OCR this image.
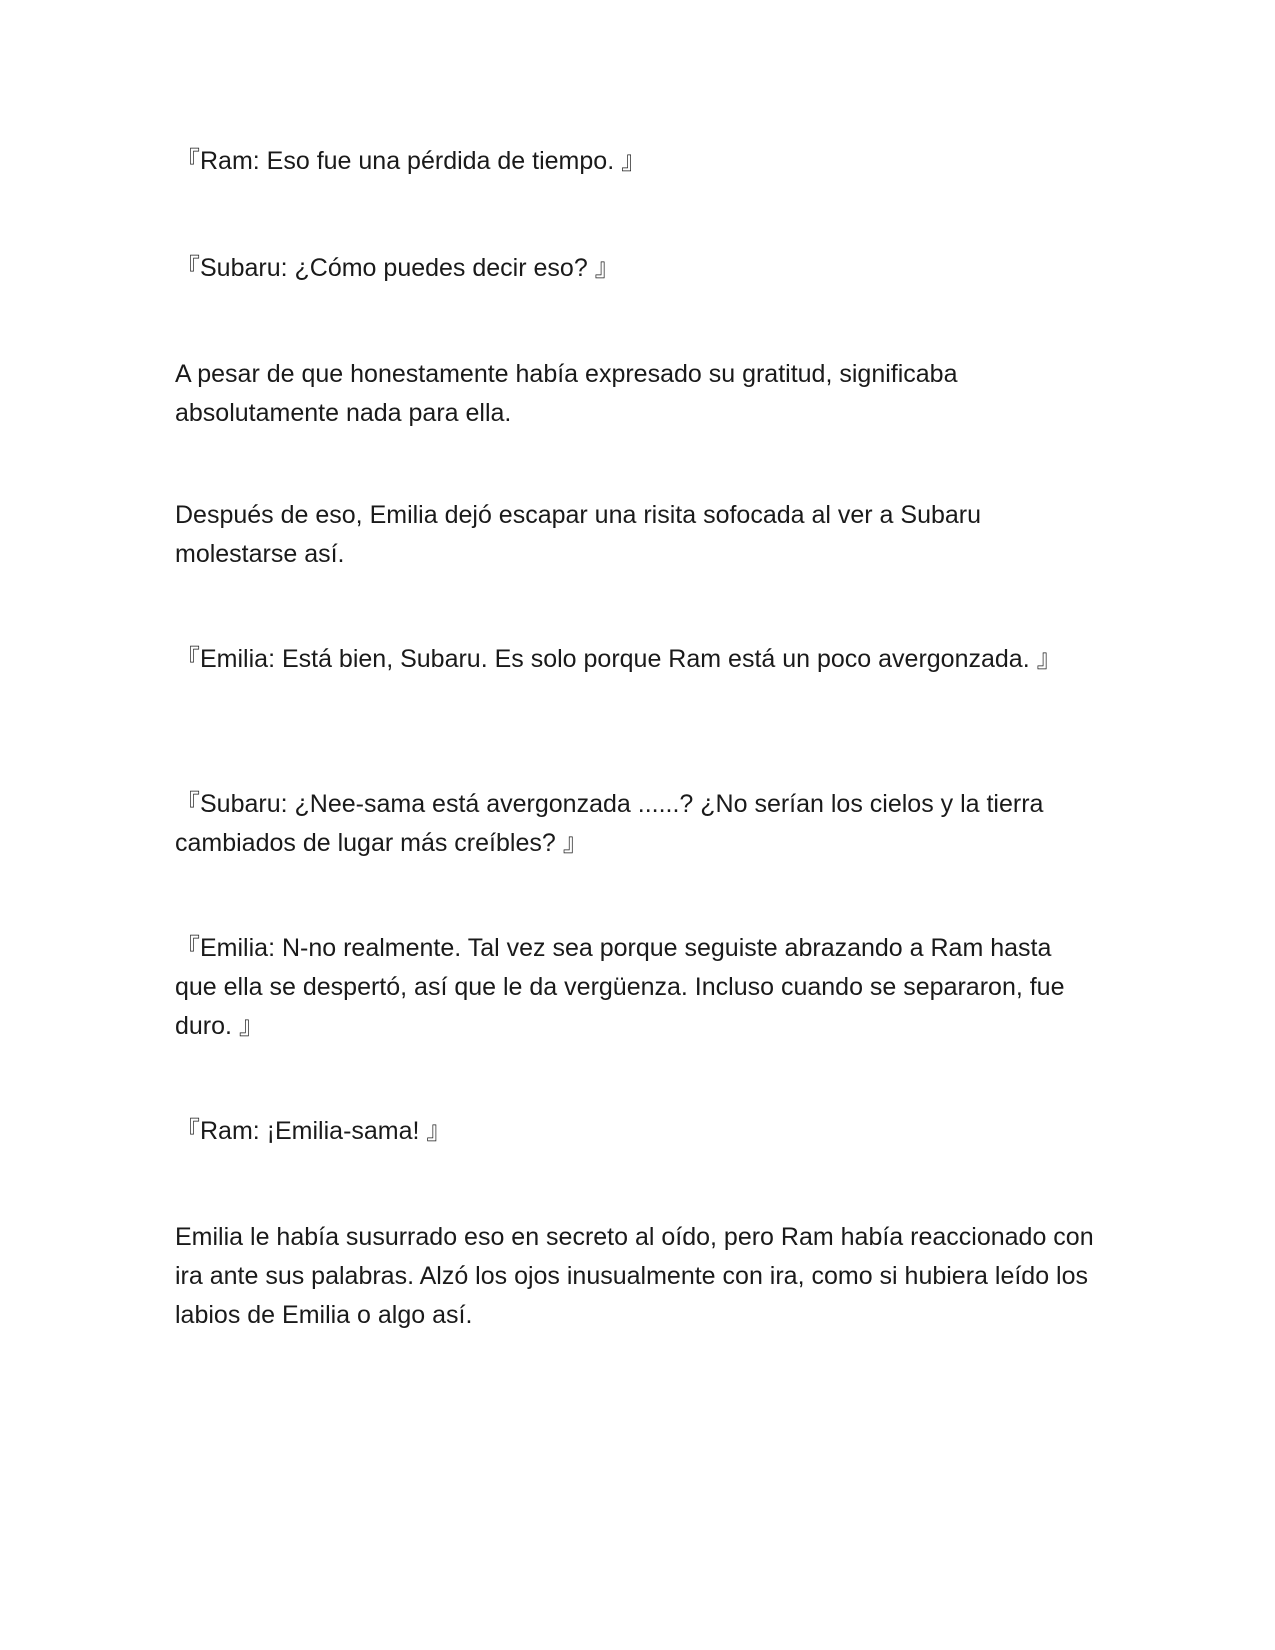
『Ram: Eso fue una pérdida de tiempo. 』

『Subaru: ¿Cómo puedes decir eso? 』

A pesar de que honestamente había expresado su gratitud, significaba absolutamente nada para ella.

Después de eso, Emilia dejó escapar una risita sofocada al ver a Subaru molestarse así.

『Emilia: Está bien, Subaru. Es solo porque Ram está un poco avergonzada. 』

『Subaru: ¿Nee-sama está avergonzada ......? ¿No serían los cielos y la tierra cambiados de lugar más creíbles? 』

『Emilia: N-no realmente. Tal vez sea porque seguiste abrazando a Ram hasta que ella se despertó, así que le da vergüenza. Incluso cuando se separaron, fue duro. 』

『Ram: ¡Emilia-sama! 』

Emilia le había susurrado eso en secreto al oído, pero Ram había reaccionado con ira ante sus palabras. Alzó los ojos inusualmente con ira, como si hubiera leído los labios de Emilia o algo así.
